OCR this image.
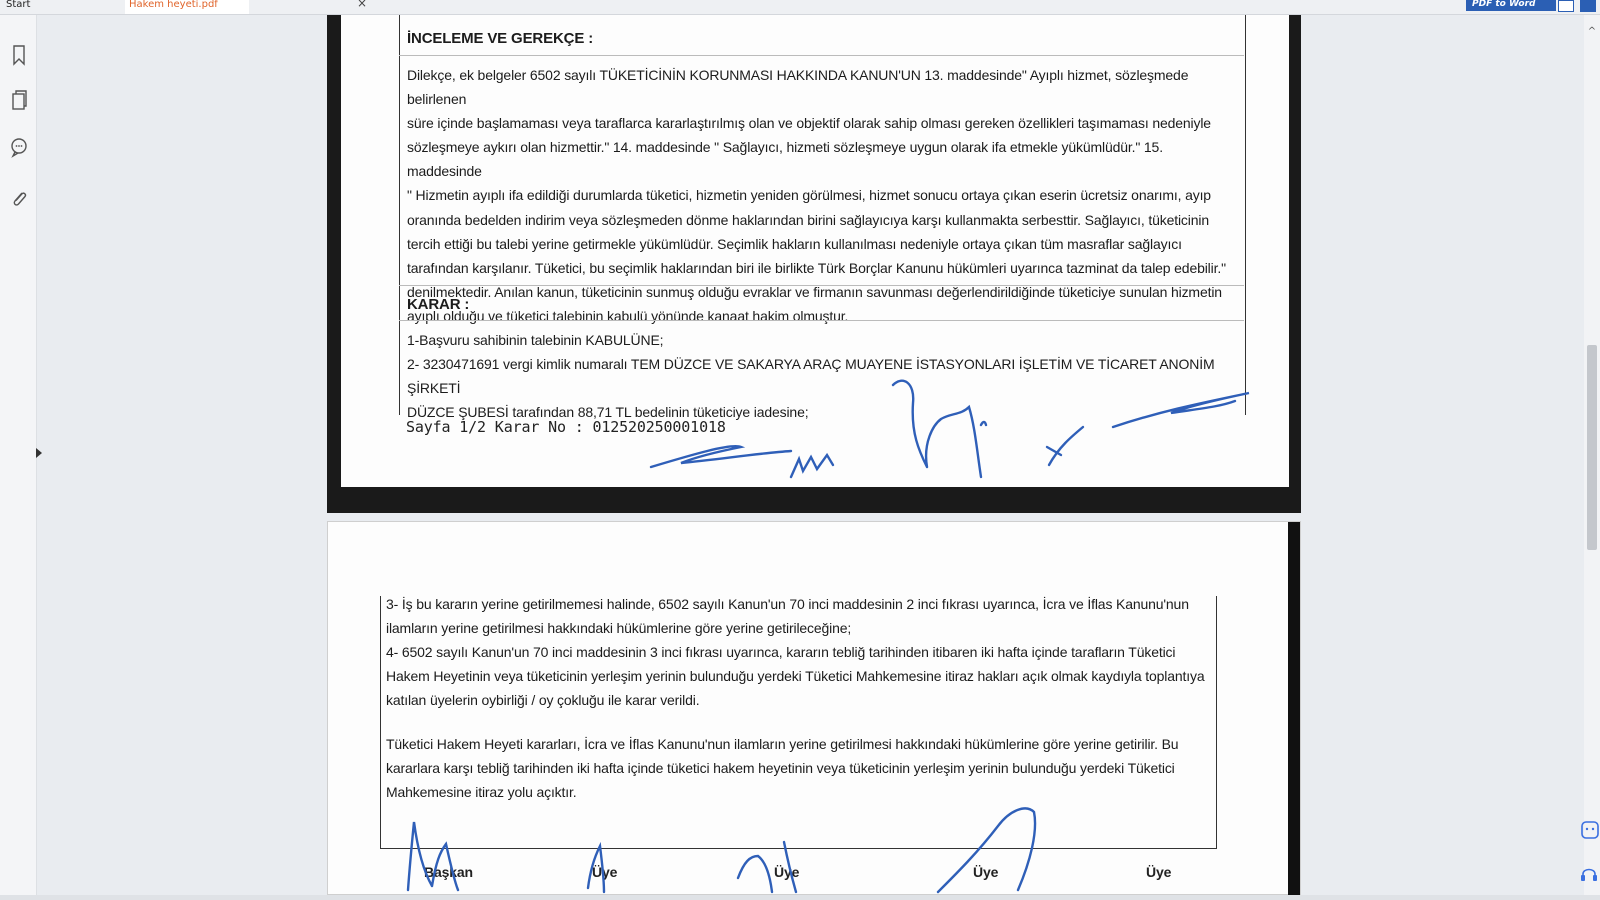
Start	Hakem heyeti.pdf	×	PDF to Word
İNCELEME VE GEREKÇE :
Dilekçe, ek belgeler 6502 sayılı TÜKETİCİNİN KORUNMASI HAKKINDA KANUN'UN 13. maddesinde" Ayıplı hizmet, sözleşmede belirlenen
süre içinde başlamaması veya taraflarca kararlaştırılmış olan ve objektif olarak sahip olması gereken özellikleri taşımaması nedeniyle
sözleşmeye aykırı olan hizmettir." 14. maddesinde " Sağlayıcı, hizmeti sözleşmeye uygun olarak ifa etmekle yükümlüdür." 15. maddesinde
" Hizmetin ayıplı ifa edildiği durumlarda tüketici, hizmetin yeniden görülmesi, hizmet sonucu ortaya çıkan eserin ücretsiz onarımı, ayıp
oranında bedelden indirim veya sözleşmeden dönme haklarından birini sağlayıcıya karşı kullanmakta serbesttir. Sağlayıcı, tüketicinin
tercih ettiği bu talebi yerine getirmekle yükümlüdür. Seçimlik hakların kullanılması nedeniyle ortaya çıkan tüm masraflar sağlayıcı
tarafından karşılanır. Tüketici, bu seçimlik haklarından biri ile birlikte Türk Borçlar Kanunu hükümleri uyarınca tazminat da talep edebilir."
denilmektedir. Anılan kanun, tüketicinin sunmuş olduğu evraklar ve firmanın savunması değerlendirildiğinde tüketiciye sunulan hizmetin
ayıplı olduğu ve tüketici talebinin kabulü yönünde kanaat hakim olmuştur.
KARAR :
1-Başvuru sahibinin talebinin KABULÜNE;
2- 3230471691 vergi kimlik numaralı TEM DÜZCE VE SAKARYA ARAÇ MUAYENE İSTASYONLARI İŞLETİM VE TİCARET ANONİM ŞİRKETİ
DÜZCE ŞUBESİ tarafından 88,71 TL bedelinin tüketiciye iadesine;
Sayfa 1/2 Karar No : 012520250001018
3- İş bu kararın yerine getirilmemesi halinde, 6502 sayılı Kanun'un 70 inci maddesinin 2 inci fıkrası uyarınca, İcra ve İflas Kanunu'nun
ilamların yerine getirilmesi hakkındaki hükümlerine göre yerine getirileceğine;
4- 6502 sayılı Kanun'un 70 inci maddesinin 3 inci fıkrası uyarınca, kararın tebliğ tarihinden itibaren iki hafta içinde tarafların Tüketici
Hakem Heyetinin veya tüketicinin yerleşim yerinin bulunduğu yerdeki Tüketici Mahkemesine itiraz hakları açık olmak kaydıyla toplantıya
katılan üyelerin oybirliği / oy çokluğu ile karar verildi.
Tüketici Hakem Heyeti kararları, İcra ve İflas Kanunu'nun ilamların yerine getirilmesi hakkındaki hükümlerine göre yerine getirilir. Bu
kararlara karşı tebliğ tarihinden iki hafta içinde tüketici hakem heyetinin veya tüketicinin yerleşim yerinin bulunduğu yerdeki Tüketici
Mahkemesine itiraz yolu açıktır.
Başkan	Üye	Üye	Üye	Üye
^
